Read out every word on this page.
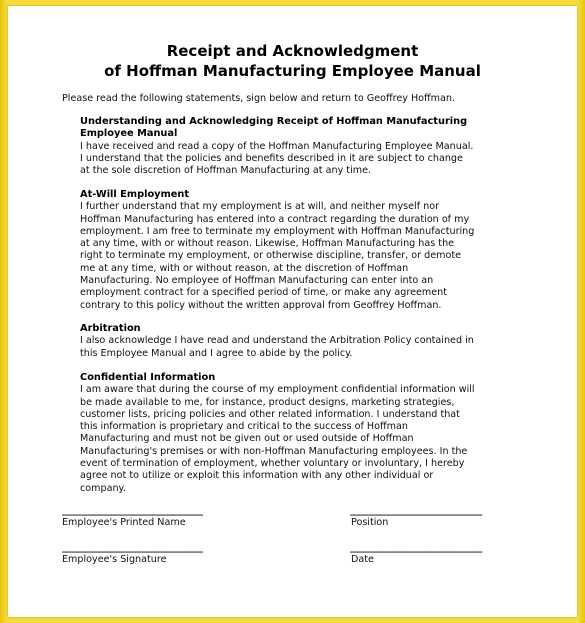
Receipt and Acknowledgment
of Hoffman Manufacturing Employee Manual
Please read the following statements, sign below and return to Geoffrey Hoffman.
Understanding and Acknowledging Receipt of Hoffman Manufacturing
Employee Manual
I have received and read a copy of the Hoffman Manufacturing Employee Manual.
I understand that the policies and benefits described in it are subject to change
at the sole discretion of Hoffman Manufacturing at any time.
At-Will Employment
I further understand that my employment is at will, and neither myself nor
Hoffman Manufacturing has entered into a contract regarding the duration of my
employment. I am free to terminate my employment with Hoffman Manufacturing
at any time, with or without reason. Likewise, Hoffman Manufacturing has the
right to terminate my employment, or otherwise discipline, transfer, or demote
me at any time, with or without reason, at the discretion of Hoffman
Manufacturing. No employee of Hoffman Manufacturing can enter into an
employment contract for a specified period of time, or make any agreement
contrary to this policy without the written approval from Geoffrey Hoffman.
Arbitration
I also acknowledge I have read and understand the Arbitration Policy contained in
this Employee Manual and I agree to abide by the policy.
Confidential Information
I am aware that during the course of my employment confidential information will
be made available to me, for instance, product designs, marketing strategies,
customer lists, pricing policies and other related information. I understand that
this information is proprietary and critical to the success of Hoffman
Manufacturing and must not be given out or used outside of Hoffman
Manufacturing's premises or with non-Hoffman Manufacturing employees. In the
event of termination of employment, whether voluntary or involuntary, I hereby
agree not to utilize or exploit this information with any other individual or
company.
________________________________
Employee's Printed Name
______________________________
Position
________________________________
Employee's Signature
______________________________
Date
